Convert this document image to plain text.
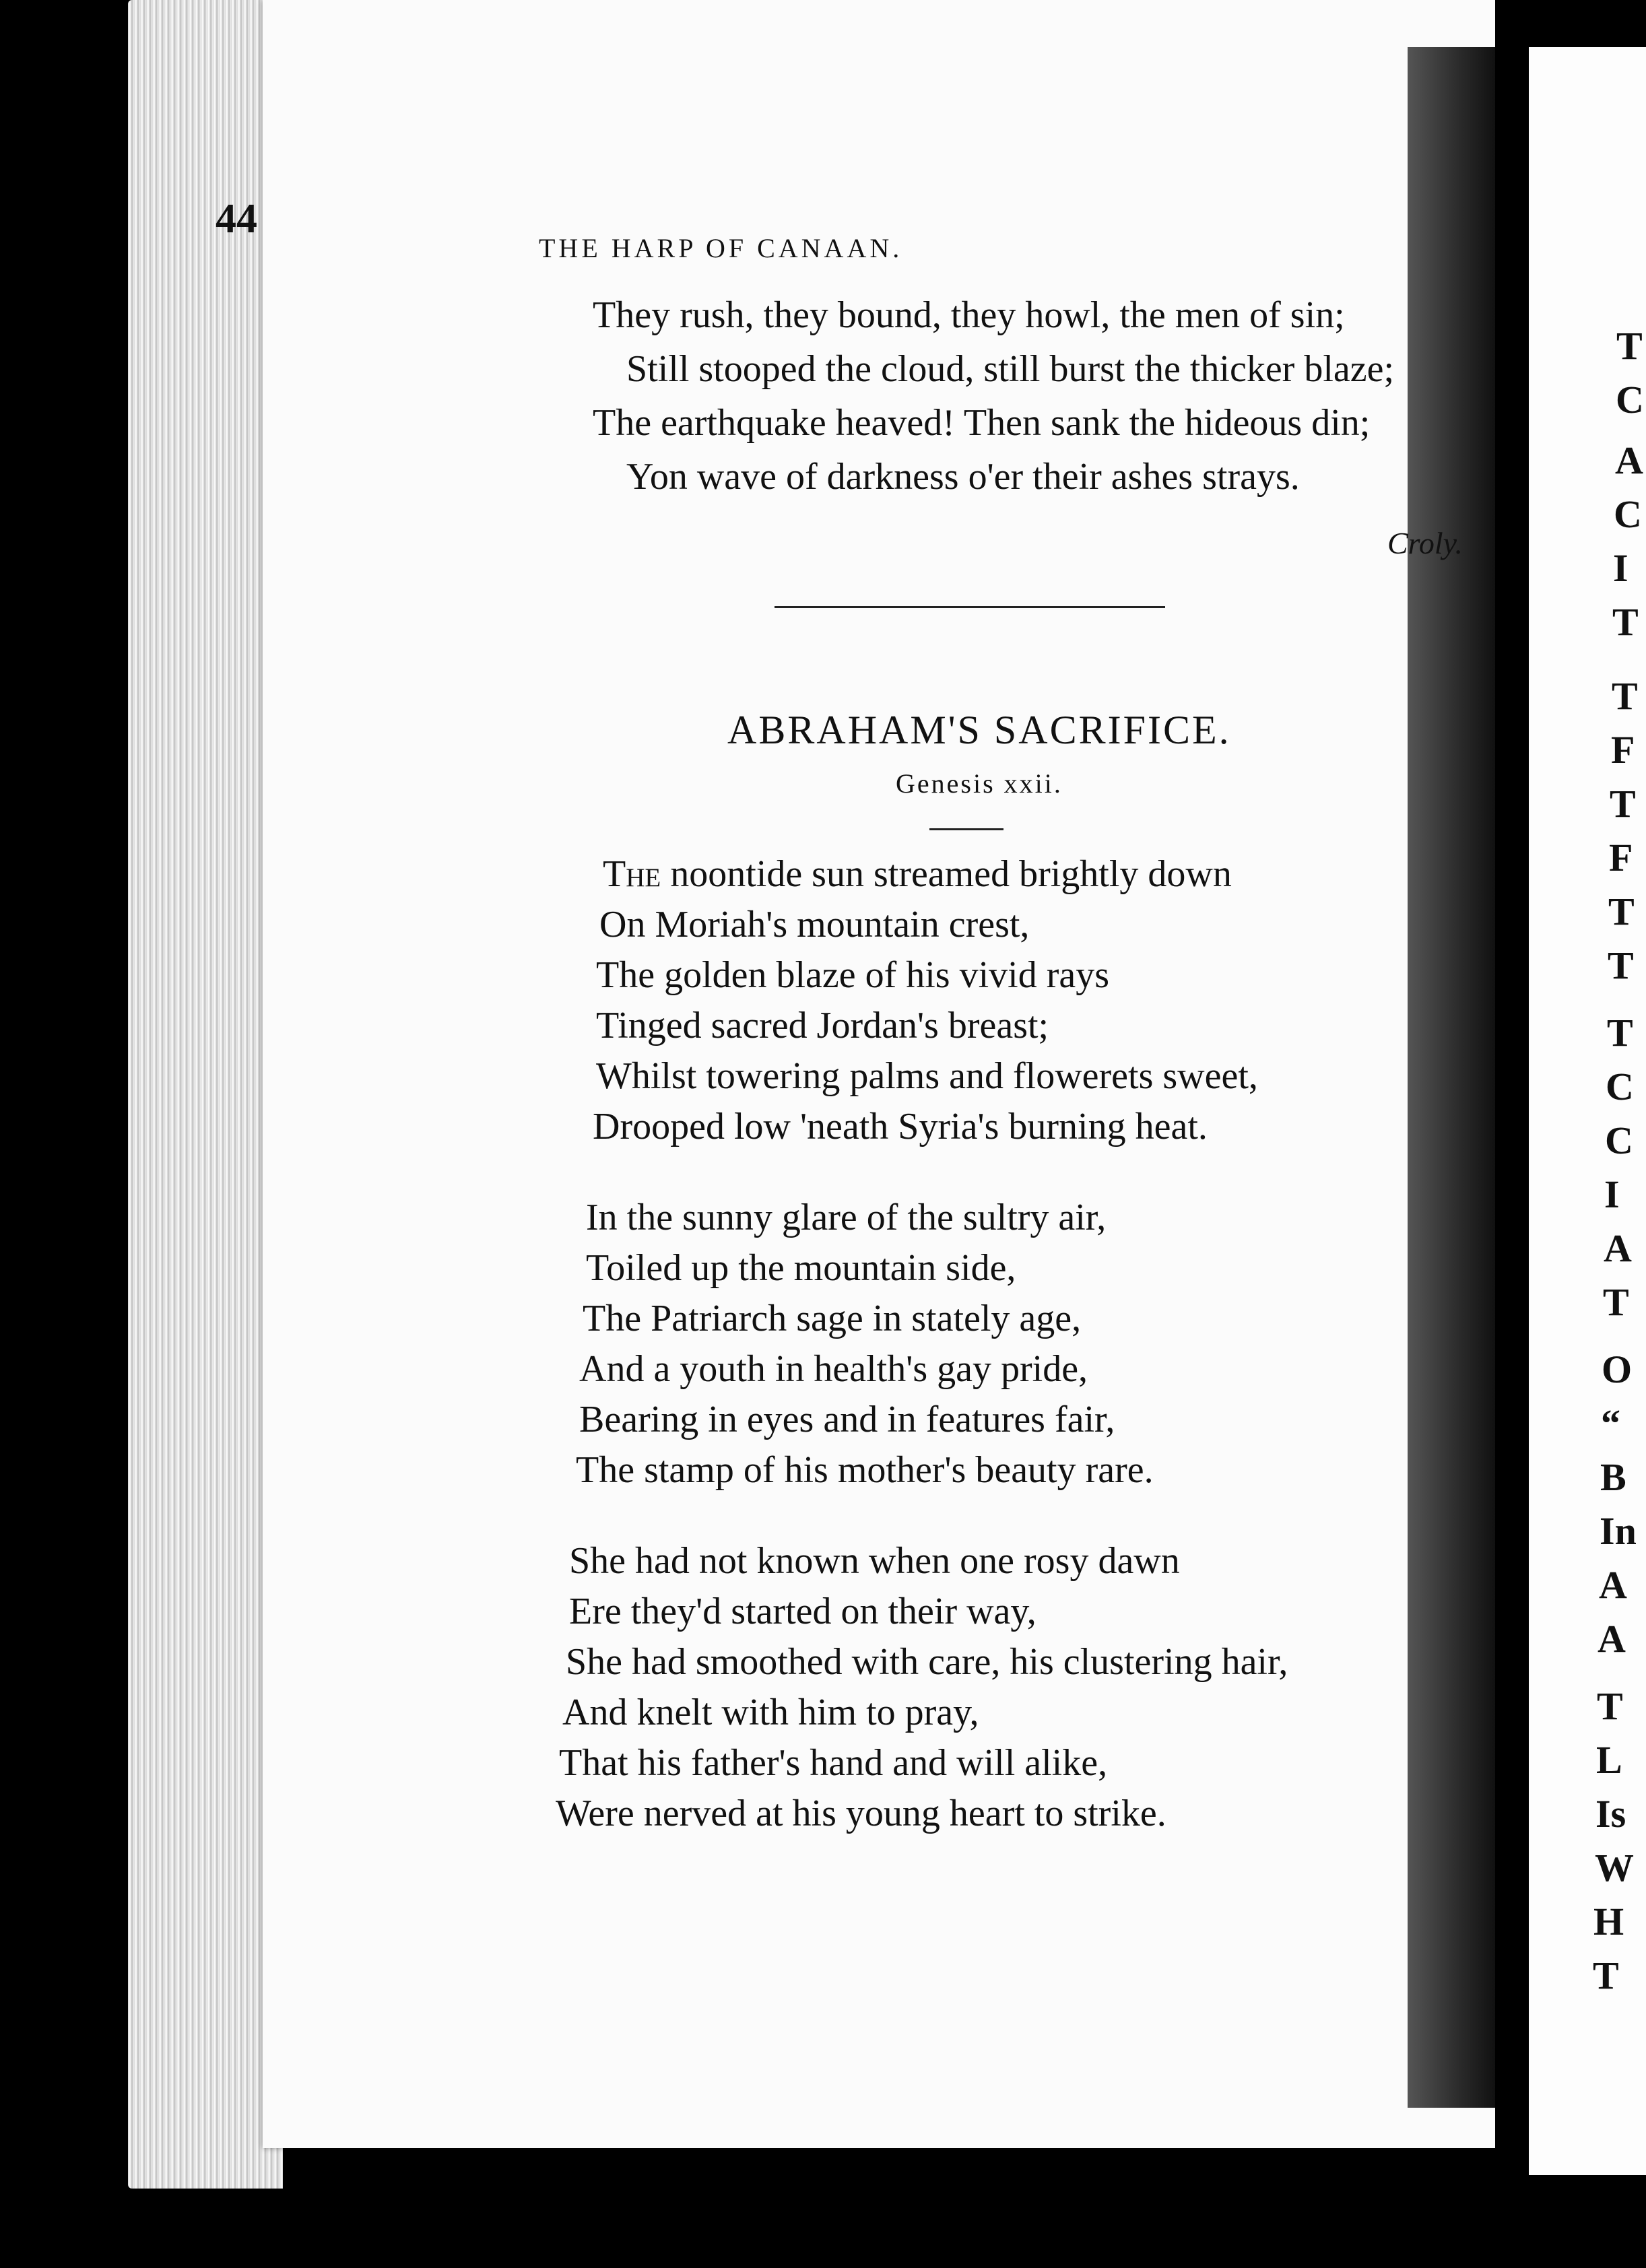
T
C
A
C
I
T
T
F
T
F
T
T
T
C
C
I
A
T
O
“
B
In
A
A
T
L
Is
W
H
T
44
THE HARP OF CANAAN.
They rush, they bound, they howl, the men of sin;
Still stooped the cloud, still burst the thicker blaze;
The earthquake heaved! Then sank the hideous din;
Yon wave of darkness o'er their ashes strays.
Croly.
ABRAHAM'S SACRIFICE.
Genesis xxii.
The noontide sun streamed brightly down
On Moriah's mountain crest,
The golden blaze of his vivid rays
Tinged sacred Jordan's breast;
Whilst towering palms and flowerets sweet,
Drooped low 'neath Syria's burning heat.
In the sunny glare of the sultry air,
Toiled up the mountain side,
The Patriarch sage in stately age,
And a youth in health's gay pride,
Bearing in eyes and in features fair,
The stamp of his mother's beauty rare.
She had not known when one rosy dawn
Ere they'd started on their way,
She had smoothed with care, his clustering hair,
And knelt with him to pray,
That his father's hand and will alike,
Were nerved at his young heart to strike.
